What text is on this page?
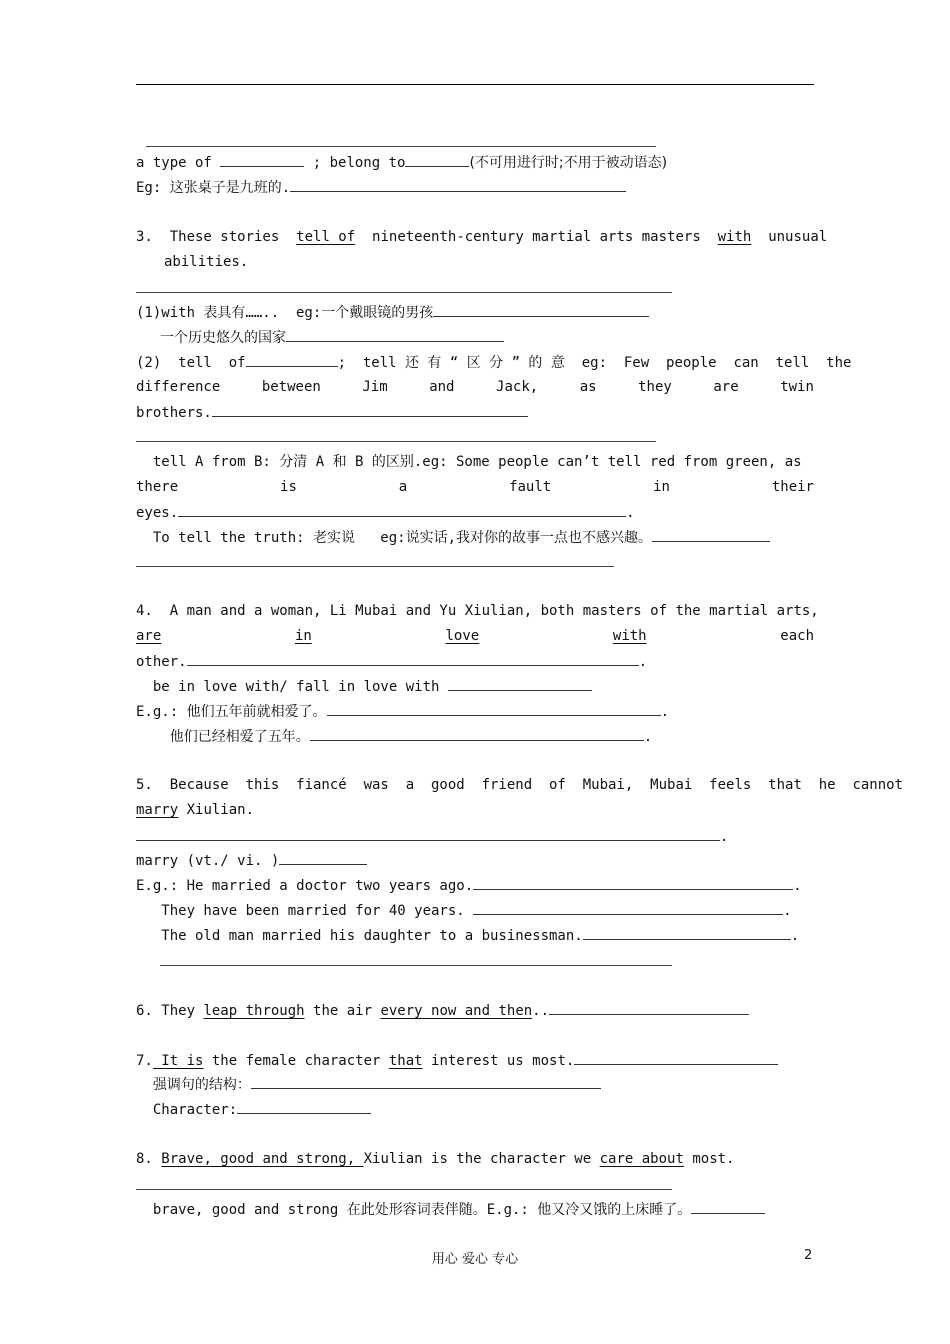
a type of	; belong to	(不可用进行时;不用于被动语态)
Eg: 这张桌子是九班的.
3. These stories tell of nineteenth-century martial arts masters with unusual
abilities.
(1)with 表具有……..  eg:一个戴眼镜的男孩
一个历史悠久的国家
(2)  tell  of	;  tell 还 有 “ 区 分 ” 的 意  eg:  Few  people  can  tell  the
difference	between	Jim	and	Jack,	as	they	are	twin
brothers.
tell A from B: 分清 A 和 B 的区别.eg: Some people can’t tell red from green, as
there	is	a	fault	in	their
eyes.	.
To tell the truth: 老实说   eg:说实话,我对你的故事一点也不感兴趣。
4.  A man and a woman, Li Mubai and Yu Xiulian, both masters of the martial arts,
are	in	love	with	each
other.	.
be in love with/ fall in love with
E.g.: 他们五年前就相爱了。	.
他们已经相爱了五年。	.
5.  Because  this  fiancé  was  a  good  friend  of  Mubai,  Mubai  feels  that  he  cannot
marry Xiulian.
.
marry (vt./ vi. )
E.g.: He married a doctor two years ago.	.
They have been married for 40 years.	.
The old man married his daughter to a businessman.	.
6. They leap through the air every now and then..
7. It is the female character that interest us most.
强调句的结构：
Character:
8. Brave, good and strong, Xiulian is the character we care about most.
brave, good and strong 在此处形容词表伴随。E.g.: 他又冷又饿的上床睡了。
用心 爱心 专心	2
